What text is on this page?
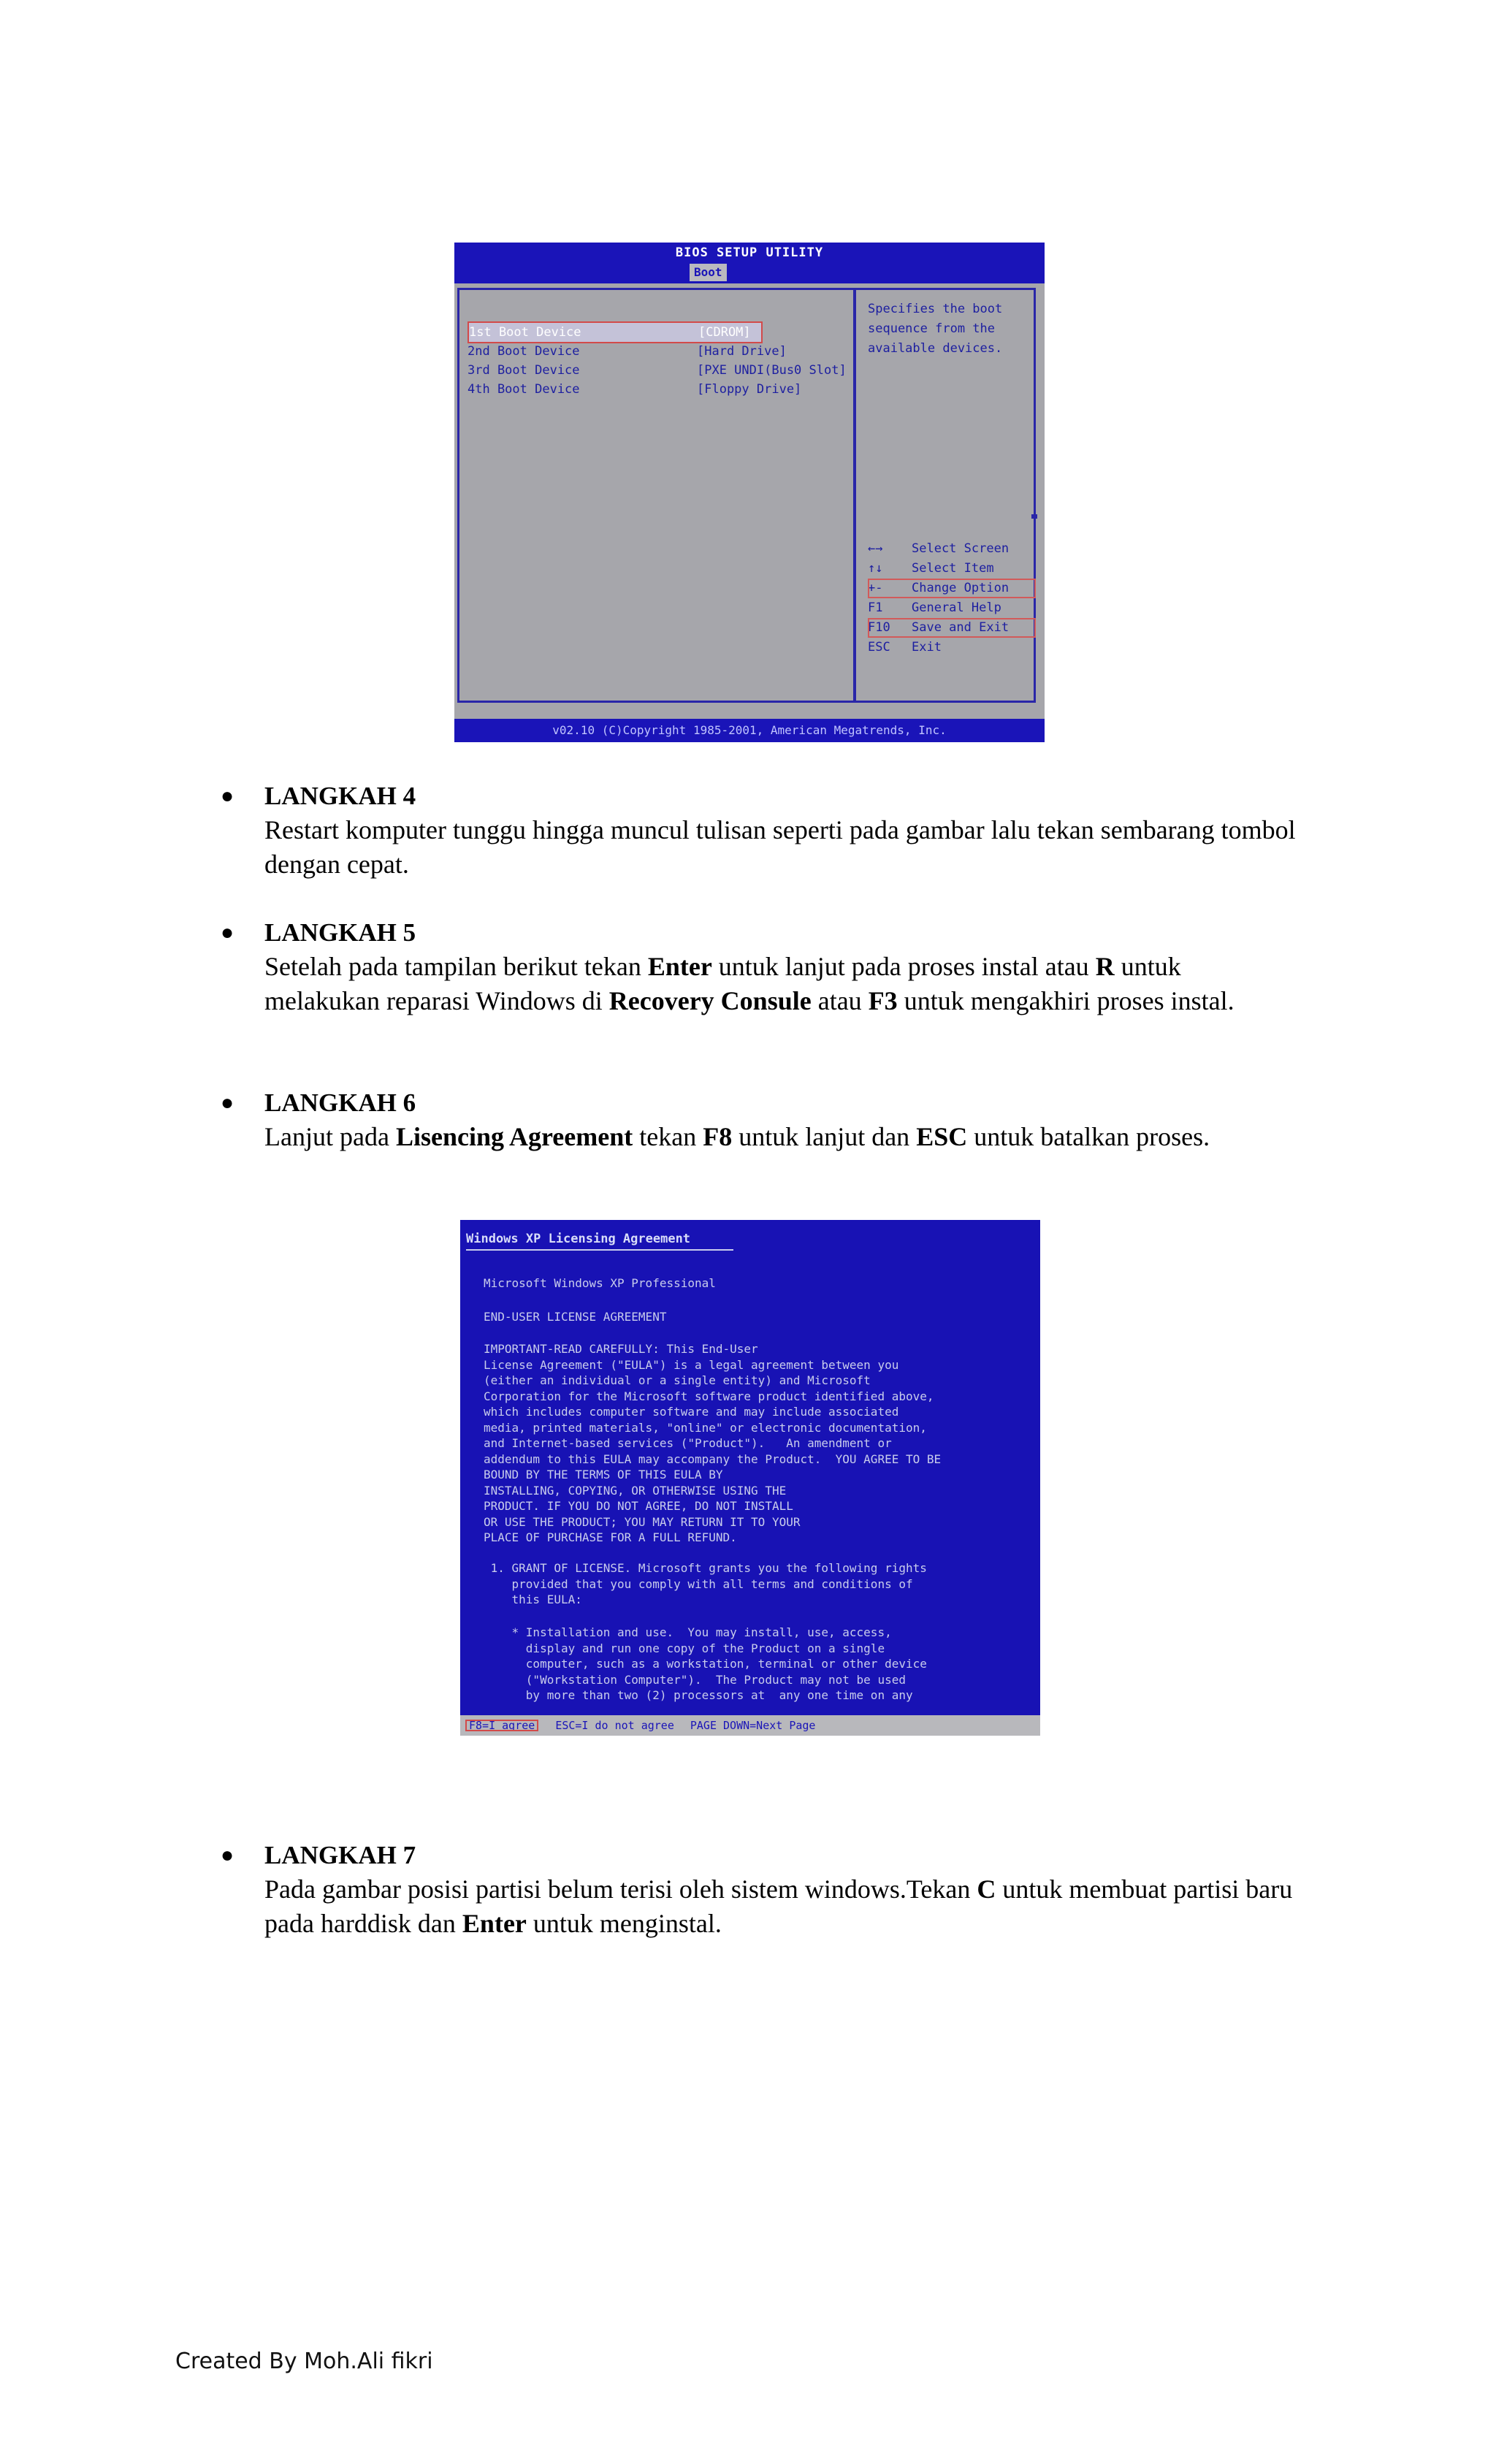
BIOS SETUP UTILITY
Boot
1st Boot Device	[CDROM]
2nd Boot Device	[Hard Drive]
3rd Boot Device	[PXE UNDI(Bus0 Slot]
4th Boot Device	[Floppy Drive]
Specifies the boot sequence from the available devices.
←→ Select Screen
↑↓ Select Item
+- Change Option
F1 General Help
F10 Save and Exit
ESC Exit
v02.10 (C)Copyright 1985-2001, American Megatrends, Inc.
● LANGKAH 4
Restart komputer tunggu hingga muncul tulisan seperti pada gambar lalu tekan sembarang tombol dengan cepat.
● LANGKAH 5
Setelah pada tampilan berikut tekan Enter untuk lanjut pada proses instal atau R untuk melakukan reparasi Windows di Recovery Consule atau F3 untuk mengakhiri proses instal.
● LANGKAH 6
Lanjut pada Lisencing Agreement tekan F8 untuk lanjut dan ESC untuk batalkan proses.
Windows XP Licensing Agreement
Microsoft Windows XP Professional
END-USER LICENSE AGREEMENT
IMPORTANT-READ CAREFULLY: This End-User
License Agreement ("EULA") is a legal agreement between you
(either an individual or a single entity) and Microsoft
Corporation for the Microsoft software product identified above,
which includes computer software and may include associated
media, printed materials, "online" or electronic documentation,
and Internet-based services ("Product").   An amendment or
addendum to this EULA may accompany the Product.  YOU AGREE TO BE
BOUND BY THE TERMS OF THIS EULA BY
INSTALLING, COPYING, OR OTHERWISE USING THE
PRODUCT. IF YOU DO NOT AGREE, DO NOT INSTALL
OR USE THE PRODUCT; YOU MAY RETURN IT TO YOUR
PLACE OF PURCHASE FOR A FULL REFUND.
1. GRANT OF LICENSE. Microsoft grants you the following rights
provided that you comply with all terms and conditions of
this EULA:
* Installation and use.  You may install, use, access,
display and run one copy of the Product on a single
computer, such as a workstation, terminal or other device
("Workstation Computer").  The Product may not be used
by more than two (2) processors at  any one time on any
F8=I agree ESC=I do not agree PAGE DOWN=Next Page
● LANGKAH 7
Pada gambar posisi partisi belum terisi oleh sistem windows.Tekan C untuk membuat partisi baru pada harddisk dan Enter untuk menginstal.
Created By Moh.Ali fikri
